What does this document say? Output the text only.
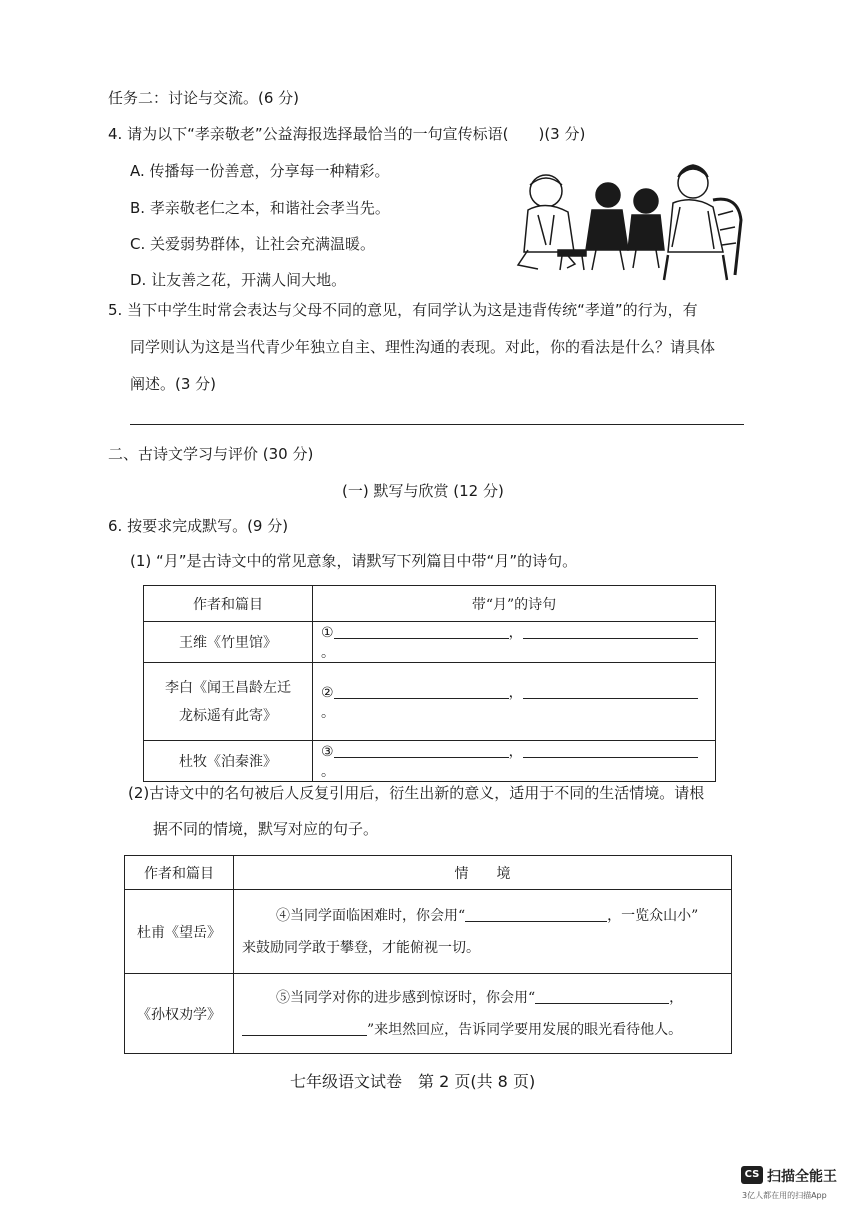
任务二：讨论与交流。(6 分)
4. 请为以下“孝亲敬老”公益海报选择最恰当的一句宣传标语(　　)(3 分)
A. 传播每一份善意，分享每一种精彩。
B. 孝亲敬老仁之本，和谐社会孝当先。
C. 关爱弱势群体，让社会充满温暖。
D. 让友善之花，开满人间大地。
5. 当下中学生时常会表达与父母不同的意见，有同学认为这是违背传统“孝道”的行为，有
同学则认为这是当代青少年独立自主、理性沟通的表现。对此，你的看法是什么？请具体
阐述。(3 分)
二、古诗文学习与评价 (30 分)
(一) 默写与欣赏 (12 分)
6. 按要求完成默写。(9 分)
(1) “月”是古诗文中的常见意象，请默写下列篇目中带“月”的诗句。
作者和篇目	带“月”的诗句
王维《竹里馆》	① ，。

李白《闻王昌龄左迁
龙标遥有此寄》	② ，。
杜牧《泊秦淮》	③ ，。
(2)古诗文中的名句被后人反复引用后，衍生出新的意义，适用于不同的生活情境。请根
据不同的情境，默写对应的句子。
作者和篇目	情　　境
杜甫《望岳》	④当同学面临困难时，你会用“ ，一览众山小”
来鼓励同学敢于攀登，才能俯视一切。

《孙权劝学》	⑤当同学对你的进步感到惊讶时，你会用“ ，
”来坦然回应，告诉同学要用发展的眼光看待他人。
七年级语文试卷　第 2 页(共 8 页)
CS 扫描全能王
3亿人都在用的扫描App
